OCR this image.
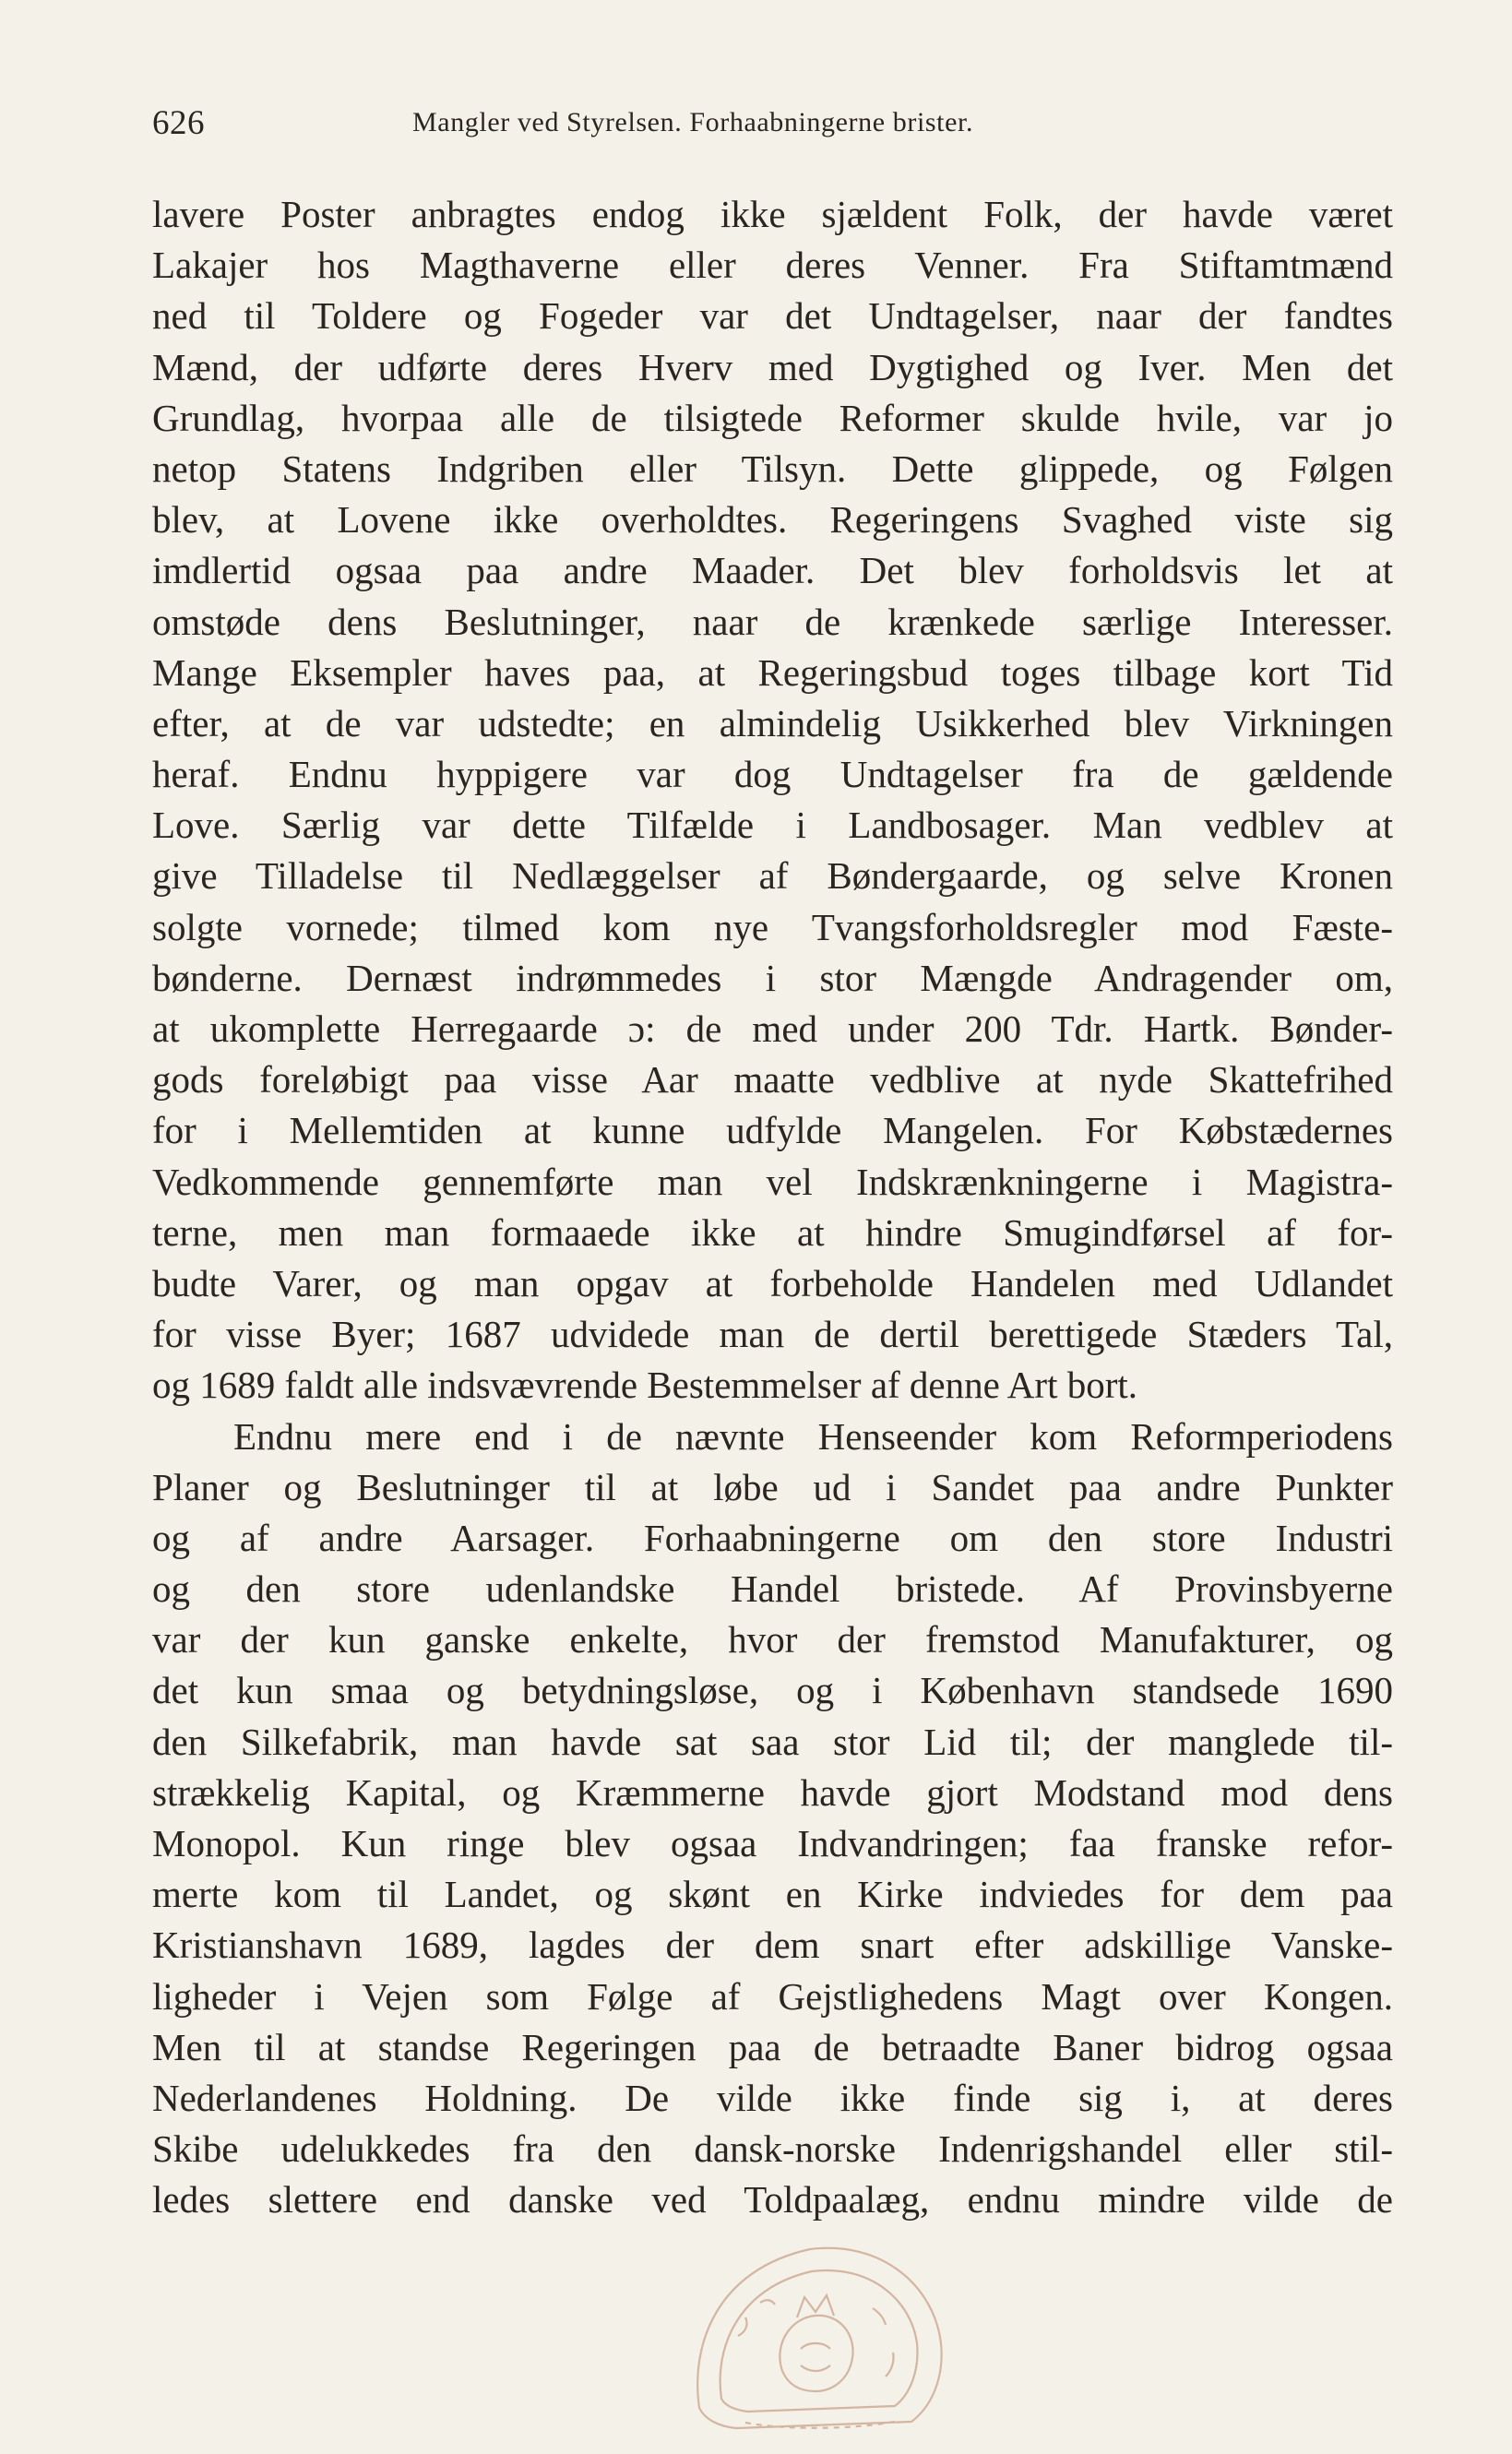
626	Mangler ved Styrelsen. Forhaabningerne brister.
lavere Poster anbragtes endog ikke sjældent Folk, der havde været
Lakajer hos Magthaverne eller deres Venner. Fra Stiftamtmænd
ned til Toldere og Fogeder var det Undtagelser, naar der fandtes
Mænd, der udførte deres Hverv med Dygtighed og Iver. Men det
Grundlag, hvorpaa alle de tilsigtede Reformer skulde hvile, var jo
netop Statens Indgriben eller Tilsyn. Dette glippede, og Følgen
blev, at Lovene ikke overholdtes. Regeringens Svaghed viste sig
imdlertid ogsaa paa andre Maader. Det blev forholdsvis let at
omstøde dens Beslutninger, naar de krænkede særlige Interesser.
Mange Eksempler haves paa, at Regeringsbud toges tilbage kort Tid
efter, at de var udstedte; en almindelig Usikkerhed blev Virkningen
heraf. Endnu hyppigere var dog Undtagelser fra de gældende
Love. Særlig var dette Tilfælde i Landbosager. Man vedblev at
give Tilladelse til Nedlæggelser af Bøndergaarde, og selve Kronen
solgte vornede; tilmed kom nye Tvangsforholdsregler mod Fæste-
bønderne. Dernæst indrømmedes i stor Mængde Andragender om,
at ukomplette Herregaarde ɔ: de med under 200 Tdr. Hartk. Bønder-
gods foreløbigt paa visse Aar maatte vedblive at nyde Skattefrihed
for i Mellemtiden at kunne udfylde Mangelen. For Købstædernes
Vedkommende gennemførte man vel Indskrænkningerne i Magistra-
terne, men man formaaede ikke at hindre Smugindførsel af for-
budte Varer, og man opgav at forbeholde Handelen med Udlandet
for visse Byer; 1687 udvidede man de dertil berettigede Stæders Tal,
og 1689 faldt alle indsvævrende Bestemmelser af denne Art bort.
Endnu mere end i de nævnte Henseender kom Reformperiodens
Planer og Beslutninger til at løbe ud i Sandet paa andre Punkter
og af andre Aarsager. Forhaabningerne om den store Industri
og den store udenlandske Handel bristede. Af Provinsbyerne
var der kun ganske enkelte, hvor der fremstod Manufakturer, og
det kun smaa og betydningsløse, og i København standsede 1690
den Silkefabrik, man havde sat saa stor Lid til; der manglede til-
strækkelig Kapital, og Kræmmerne havde gjort Modstand mod dens
Monopol. Kun ringe blev ogsaa Indvandringen; faa franske refor-
merte kom til Landet, og skønt en Kirke indviedes for dem paa
Kristianshavn 1689, lagdes der dem snart efter adskillige Vanske-
ligheder i Vejen som Følge af Gejstlighedens Magt over Kongen.
Men til at standse Regeringen paa de betraadte Baner bidrog ogsaa
Nederlandenes Holdning. De vilde ikke finde sig i, at deres
Skibe udelukkedes fra den dansk-norske Indenrigshandel eller stil-
ledes slettere end danske ved Toldpaalæg, endnu mindre vilde de
